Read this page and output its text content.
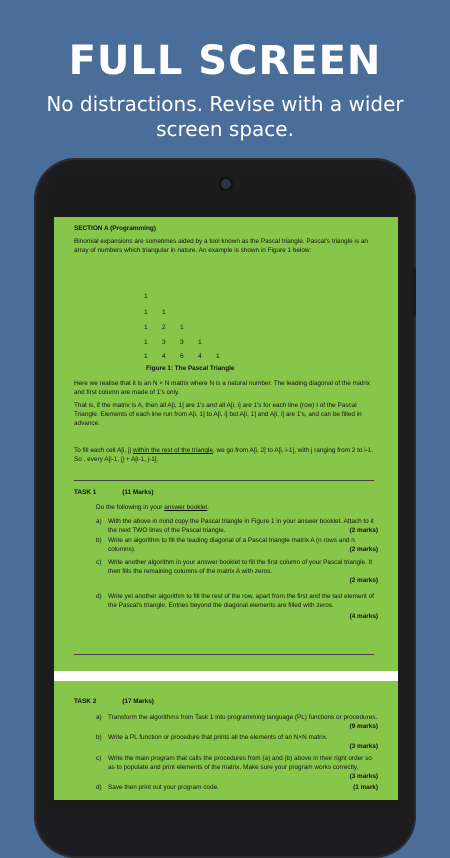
FULL SCREEN
No distractions. Revise with a wider screen space.

SECTION A (Programming)

Binomial expansions are sometimes aided by a tool known as the Pascal triangle. Pascal's triangle is an array of numbers which triangular in nature. An example is shown in Figure 1 below:

1
1 1
1 2 1
1 3 3 1
1 4 6 4 1

Figure 1: The Pascal Triangle

Here we realise that it is an N × N matrix where N is a natural number. The leading diagonal of the matrix and first column are made of 1's only.

That is, if the matrix is A, then all A[i, 1] are 1's and all A[i, i] are 1's for each line (row) I of the Pascal Triangle. Elements of each line run from A[i, 1] to A[i, i] but A[i, 1] and A[i, i] are 1's, and can be filled in advance.

To fill each cell A[i, j] within the rest of the triangle, we go from A[i, 2] to A[i, i-1], with j ranging from 2 to i-1. So , every A[i-1, j] + A[i-1, j-1].

TASK 1	(11 Marks)

Do the following in your answer booklet.

a) With the above in mind copy the Pascal triangle in Figure 1 in your answer booklet. Attach to it the next TWO lines of the Pascal triangle.	(2 marks)
b) Write an algorithm to fill the leading diagonal of a Pascal triangle matrix A (n rows and n columns).	(2 marks)
c)	Write another algorithm in your answer booklet to fill the first column of your Pascal triangle. It then fills the remaining columns of the matrix A with zeros.
(2 marks)
d) Write yet another algorithm to fill the rest of the row, apart from the first and the last element of the Pascal's triangle. Entries beyond the diagonal elements are filled with zeros.
(4 marks)

TASK 2	(17 Marks)

a) Transform the algorithms from Task 1 into programming language (PL) functions or procedures.
(9 marks)
b) Write a PL function or procedure that prints all the elements of an N×N matrix.
(3 marks)
c)	Write the main program that calls the procedures from (a) and (b) above in their right order so as to populate and print elements of the matrix. Make sure your program works correctly.
(3 marks)
d) Save then print out your program code.	(1 mark)
